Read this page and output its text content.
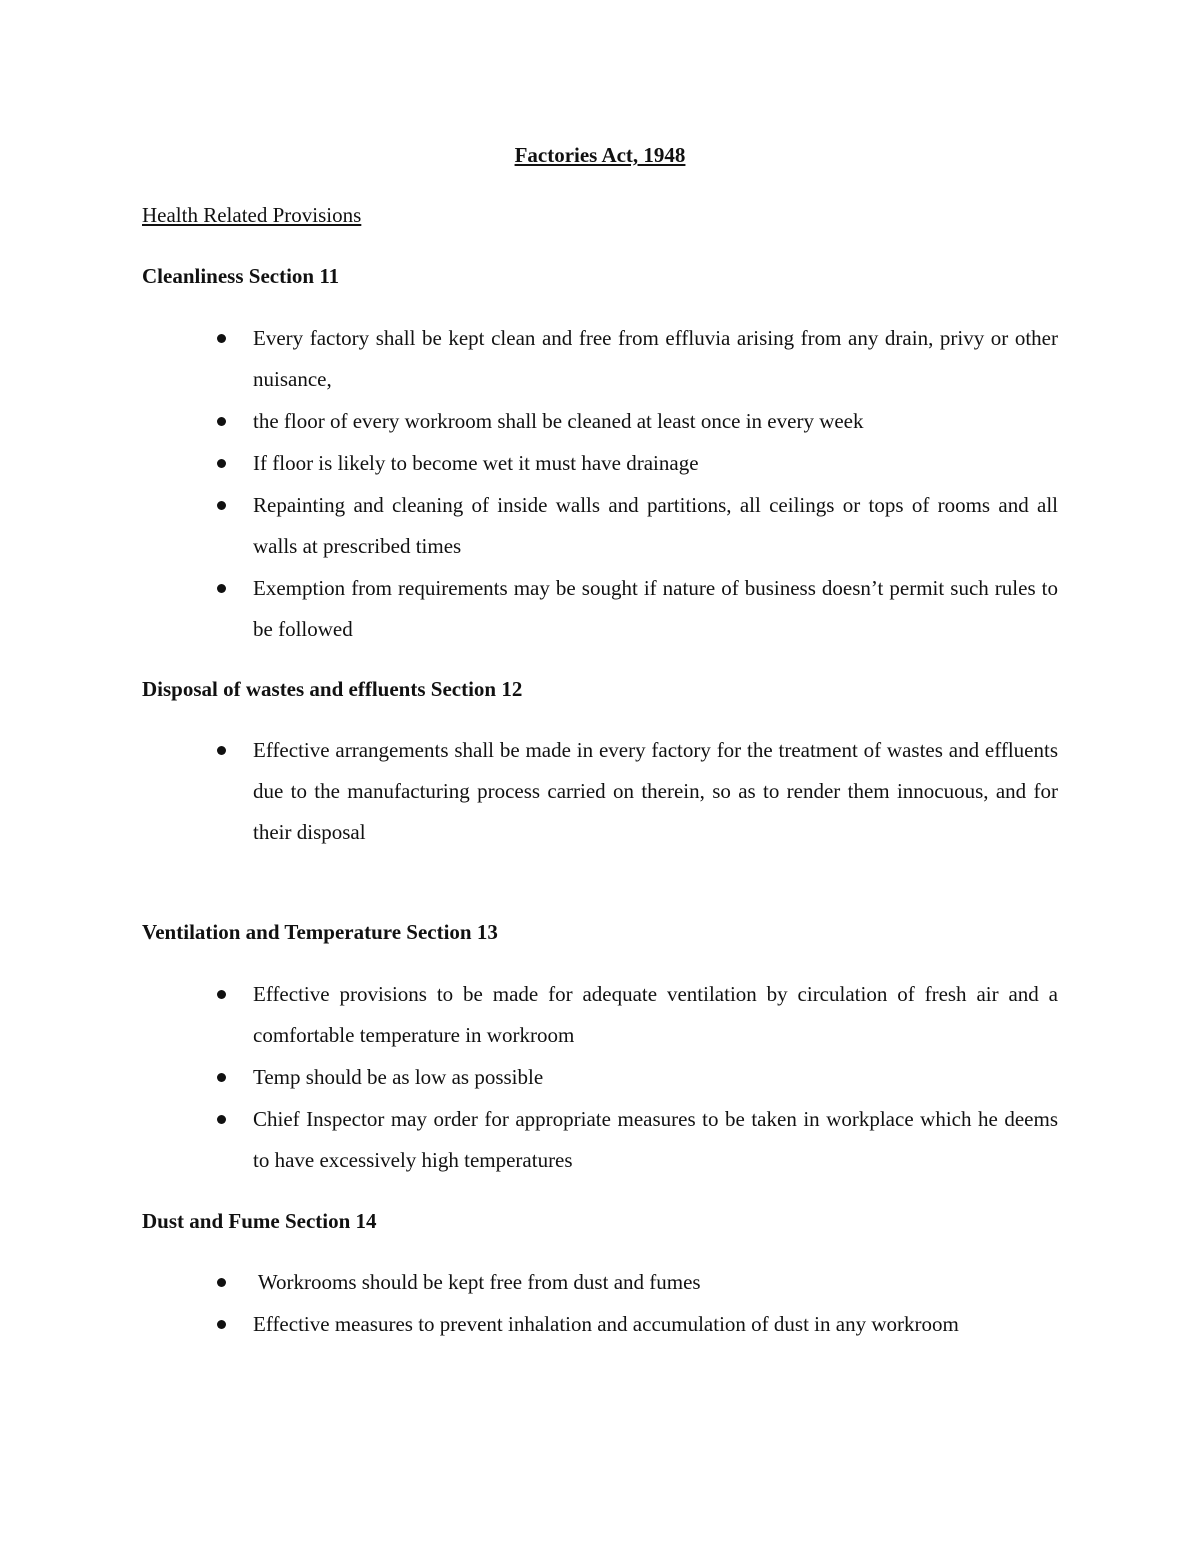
Factories Act, 1948
Health Related Provisions
Cleanliness Section 11
Every factory shall be kept clean and free from effluvia arising from any drain, privy or other nuisance,
the floor of every workroom shall be cleaned at least once in every week
If floor is likely to become wet it must have drainage
Repainting and cleaning of inside walls and partitions, all ceilings or tops of rooms and all walls at prescribed times
Exemption from requirements may be sought if nature of business doesn’t permit such rules to be followed
Disposal of wastes and effluents Section 12
Effective arrangements shall be made in every factory for the treatment of wastes and effluents due to the manufacturing process carried on therein, so as to render them innocuous, and for their disposal
Ventilation and Temperature Section 13
Effective provisions to be made for adequate ventilation by circulation of fresh air and a comfortable temperature in workroom
Temp should be as low as possible
Chief Inspector may order for appropriate measures to be taken in workplace which he deems to have excessively high temperatures
Dust and Fume Section 14
Workrooms should be kept free from dust and fumes
Effective measures to prevent inhalation and accumulation of dust in any workroom
